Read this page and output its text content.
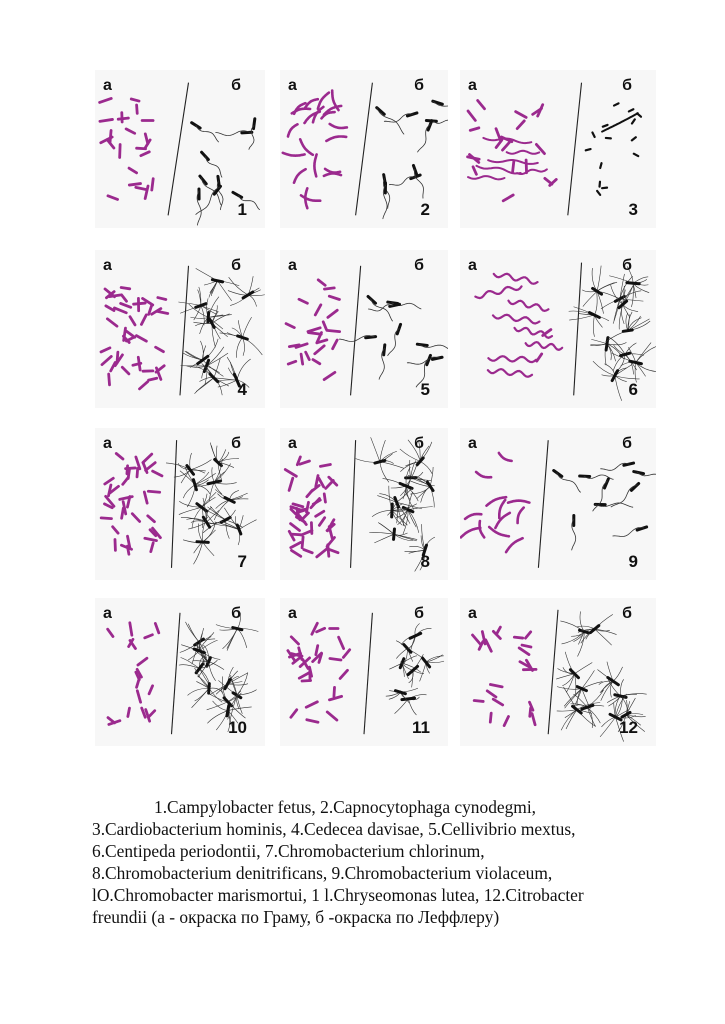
а	б
1
а	б
2
а	б
3
а	б
4
а	б
5
а	б
6
а	б
7
а	б
8
а	б
9
а	б
10
а	б
11
а	б
12

1.Campylobacter fetus, 2.Capnocytophaga cynodegmi,

3.Cardiobacterium hominis, 4.Cedecea davisae, 5.Cellivibrio mextus,

6.Centipeda periodontii, 7.Chromobacterium chlorinum,

8.Chromobacterium denitrificans, 9.Chromobacterium violaceum,

lO.Chromobacter marismortui, 1 l.Chryseomonas lutea, 12.Citrobacter

freundii (а - окраска по Граму, б -окраска по Леффлеру)
